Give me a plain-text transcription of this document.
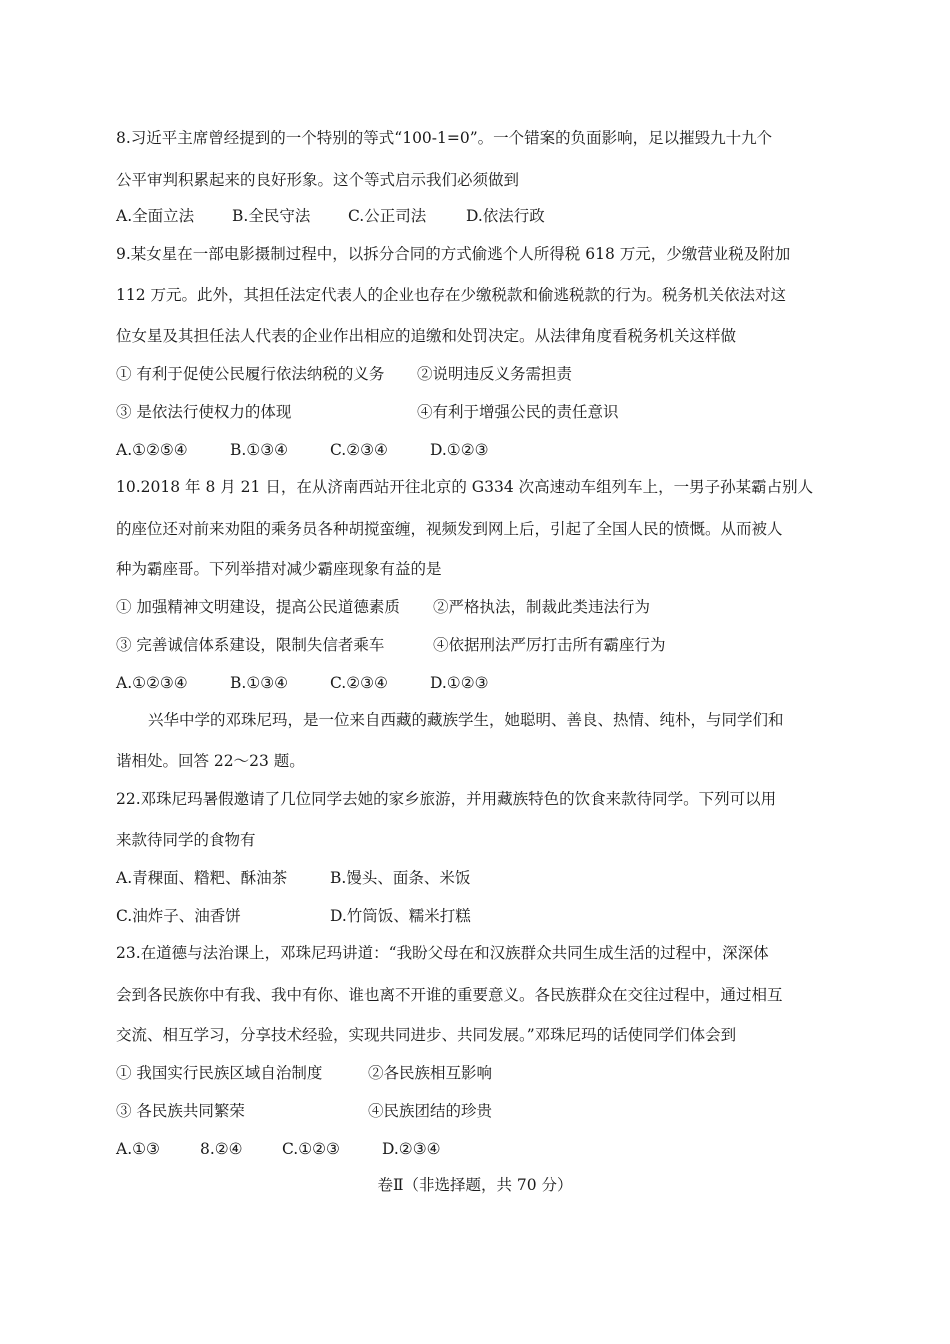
8.习近平主席曾经提到的一个特别的等式“100-1=0”。一个错案的负面影响，足以摧毁九十九个
公平审判积累起来的良好形象。这个等式启示我们必须做到
A.全面立法 B.全民守法 C.公正司法	D.依法行政
9.某女星在一部电影摄制过程中，以拆分合同的方式偷逃个人所得税 618 万元，少缴营业税及附加
112 万元。此外，其担任法定代表人的企业也存在少缴税款和偷逃税款的行为。税务机关依法对这
位女星及其担任法人代表的企业作出相应的追缴和处罚决定。从法律角度看税务机关这样做
① 有利于促使公民履行依法纳税的义务 ②说明违反义务需担责
③ 是依法行使权力的体现	④有利于增强公民的责任意识
A.①②⑤④	B.①③④	C.②③④	D.①②③
10.2018 年 8 月 21 日，在从济南西站开往北京的 G334 次高速动车组列车上，一男子孙某霸占别人
的座位还对前来劝阻的乘务员各种胡搅蛮缠，视频发到网上后，引起了全国人民的愤慨。从而被人
种为霸座哥。下列举措对减少霸座现象有益的是
① 加强精神文明建设，提高公民道德素质 ②严格执法，制裁此类违法行为
③ 完善诚信体系建设，限制失信者乘车	④依据刑法严厉打击所有霸座行为
A.①②③④	B.①③④	C.②③④	D.①②③
兴华中学的邓珠尼玛，是一位来自西藏的藏族学生，她聪明、善良、热情、纯朴，与同学们和
谐相处。回答 22～23 题。
22.邓珠尼玛暑假邀请了几位同学去她的家乡旅游，并用藏族特色的饮食来款待同学。下列可以用
来款待同学的食物有
A.青稞面、糌粑、酥油茶	B.馒头、面条、米饭
C.油炸子、油香饼	D.竹筒饭、糯米打糕
23.在道德与法治课上，邓珠尼玛讲道：“我盼父母在和汉族群众共同生成生活的过程中，深深体
会到各民族你中有我、我中有你、谁也离不开谁的重要意义。各民族群众在交往过程中，通过相互
交流、相互学习，分享技术经验，实现共同进步、共同发展。”邓珠尼玛的话使同学们体会到
① 我国实行民族区域自治制度	②各民族相互影响
③ 各民族共同繁荣	④民族团结的珍贵
A.①③	8.②④	C.①②③	D.②③④
卷Ⅱ（非选择题，共 70 分）
